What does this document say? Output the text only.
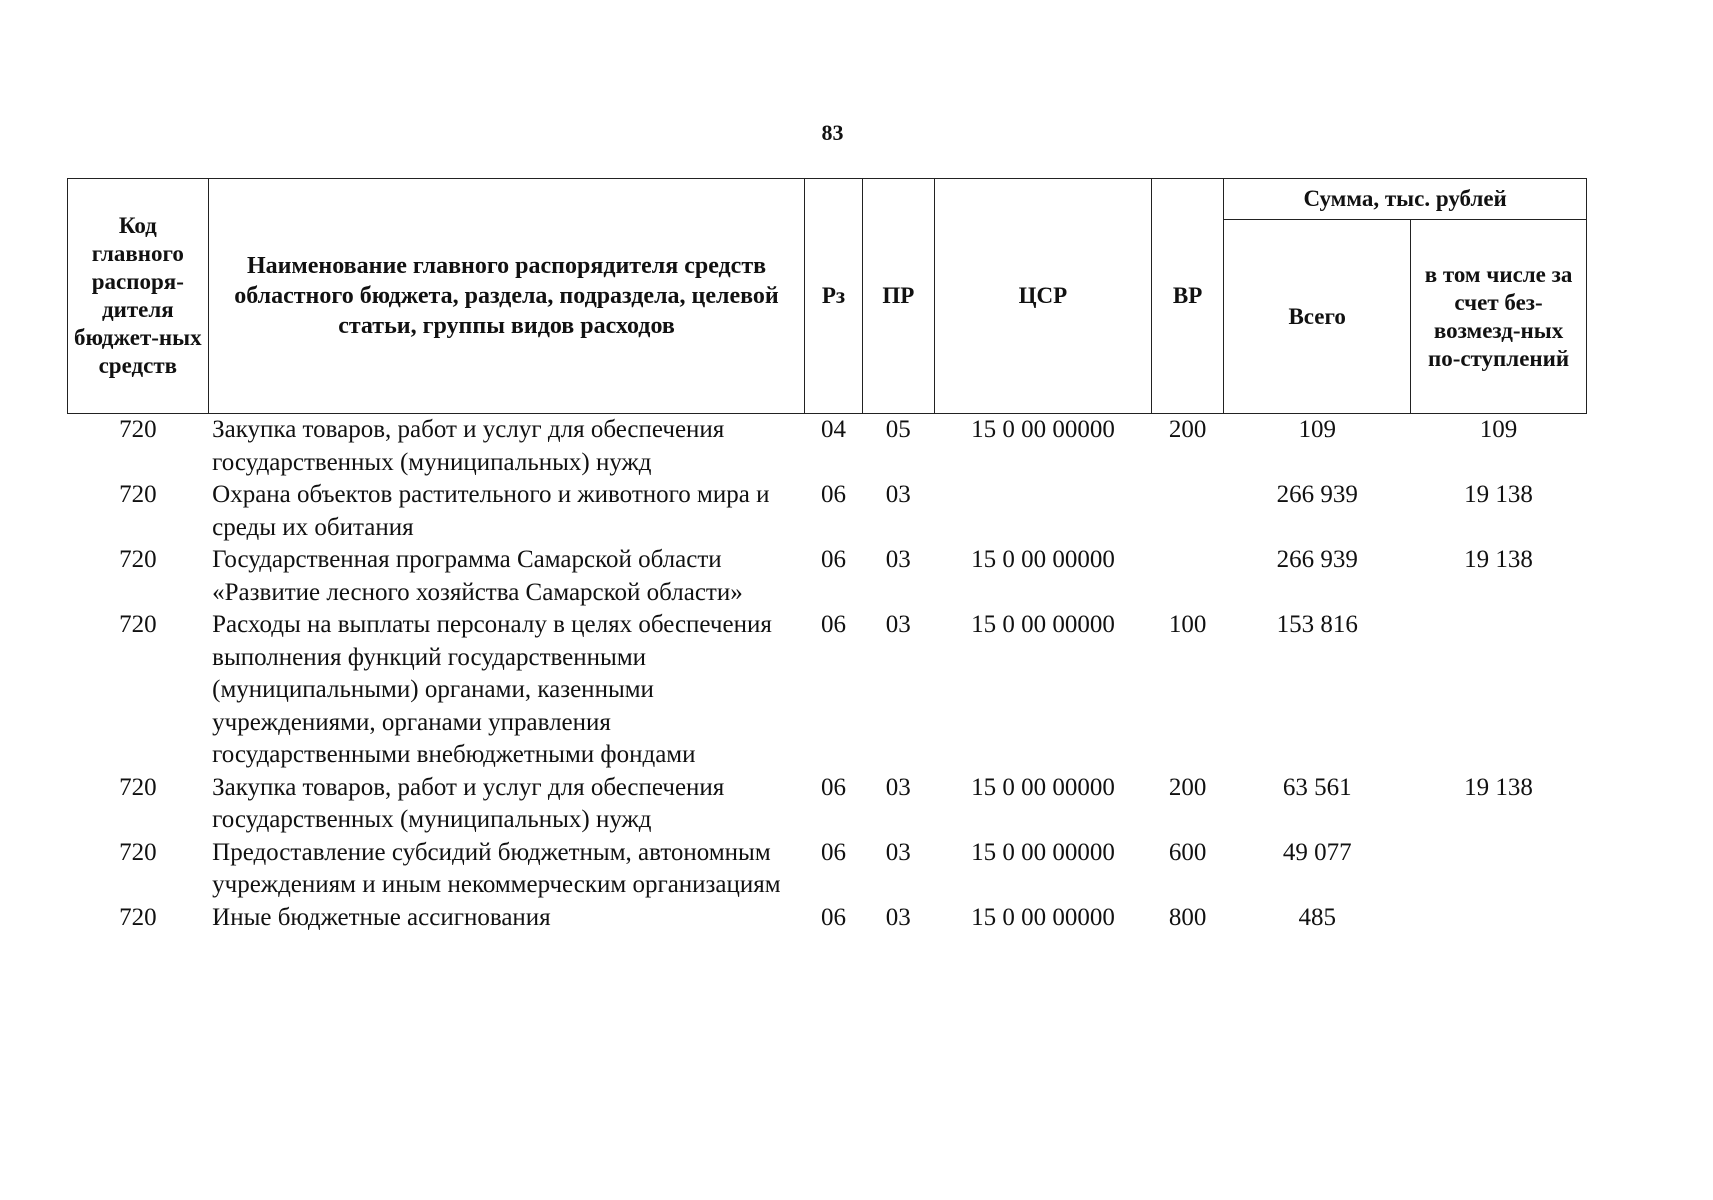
83
Код главного распоря-дителя бюджет-ных средств	Наименование главного распорядителя средств областного бюджета, раздела, подраздела, целевой статьи, группы видов расходов	Рз	ПР	ЦСР	ВР	Сумма, тыс. рублей	
						Всего	в том числе за счет без-возмезд-ных по-ступлений
720	Закупка товаров, работ и услуг для обеспечения государственных (муниципальных) нужд	04	05	15 0 00 00000	200	109	109
720	Охрана объектов растительного и животного мира и среды их обитания	06	03			266 939	19 138
720	Государственная программа Самарской области «Развитие лесного хозяйства Самарской области»	06	03	15 0 00 00000		266 939	19 138
720	Расходы на выплаты персоналу в целях обеспечения выполнения функций государственными (муниципальными) органами, казенными учреждениями, органами управления государственными внебюджетными фондами	06	03	15 0 00 00000	100	153 816	
720	Закупка товаров, работ и услуг для обеспечения государственных (муниципальных) нужд	06	03	15 0 00 00000	200	63 561	19 138
720	Предоставление субсидий бюджетным, автономным учреждениям и иным некоммерческим организациям	06	03	15 0 00 00000	600	49 077	
720	Иные бюджетные ассигнования	06	03	15 0 00 00000	800	485	
